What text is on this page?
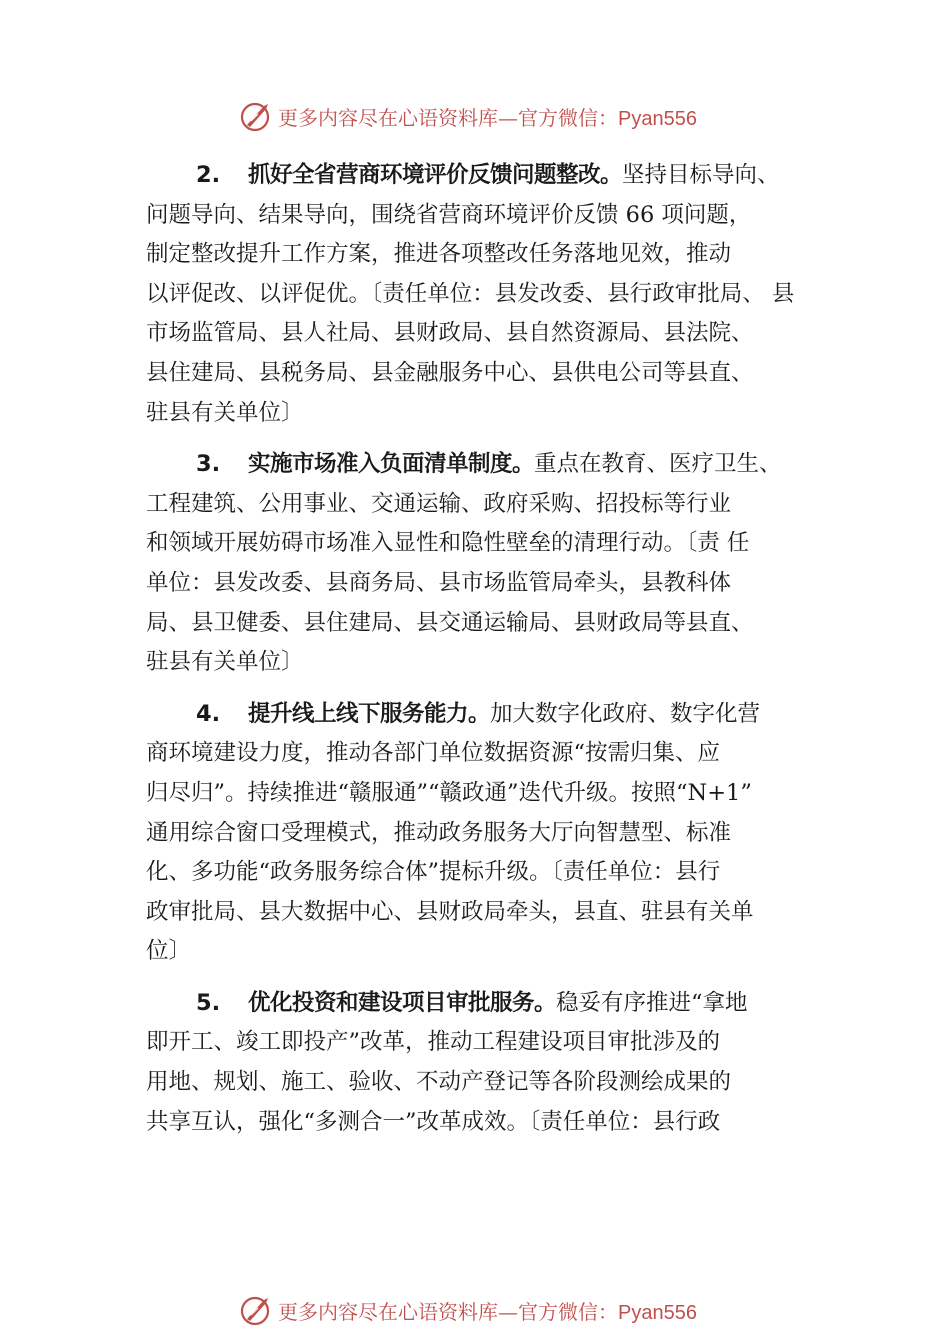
更多内容尽在心语资料库—官方微信：Pyan556
2. 抓好全省营商环境评价反馈问题整改。坚持目标导向、
问题导向、结果导向，围绕省营商环境评价反馈 66 项问题，
制定整改提升工作方案，推进各项整改任务落地见效，推动
以评促改、以评促优。〔责任单位：县发改委、县行政审批局、 县
市场监管局、县人社局、县财政局、县自然资源局、县法院、
县住建局、县税务局、县金融服务中心、县供电公司等县直、
驻县有关单位〕
3. 实施市场准入负面清单制度。重点在教育、医疗卫生、
工程建筑、公用事业、交通运输、政府采购、招投标等行业
和领域开展妨碍市场准入显性和隐性壁垒的清理行动。〔责 任
单位：县发改委、县商务局、县市场监管局牵头，县教科体
局、县卫健委、县住建局、县交通运输局、县财政局等县直、
驻县有关单位〕
4. 提升线上线下服务能力。加大数字化政府、数字化营
商环境建设力度，推动各部门单位数据资源“按需归集、应
归尽归”。持续推进“赣服通”“赣政通”迭代升级。按照“N+1”
通用综合窗口受理模式，推动政务服务大厅向智慧型、标准
化、多功能“政务服务综合体”提标升级。〔责任单位：县行
政审批局、县大数据中心、县财政局牵头，县直、驻县有关单
位〕
5. 优化投资和建设项目审批服务。稳妥有序推进“拿地
即开工、竣工即投产”改革，推动工程建设项目审批涉及的
用地、规划、施工、验收、不动产登记等各阶段测绘成果的
共享互认，强化“多测合一”改革成效。〔责任单位：县行政
更多内容尽在心语资料库—官方微信：Pyan556
